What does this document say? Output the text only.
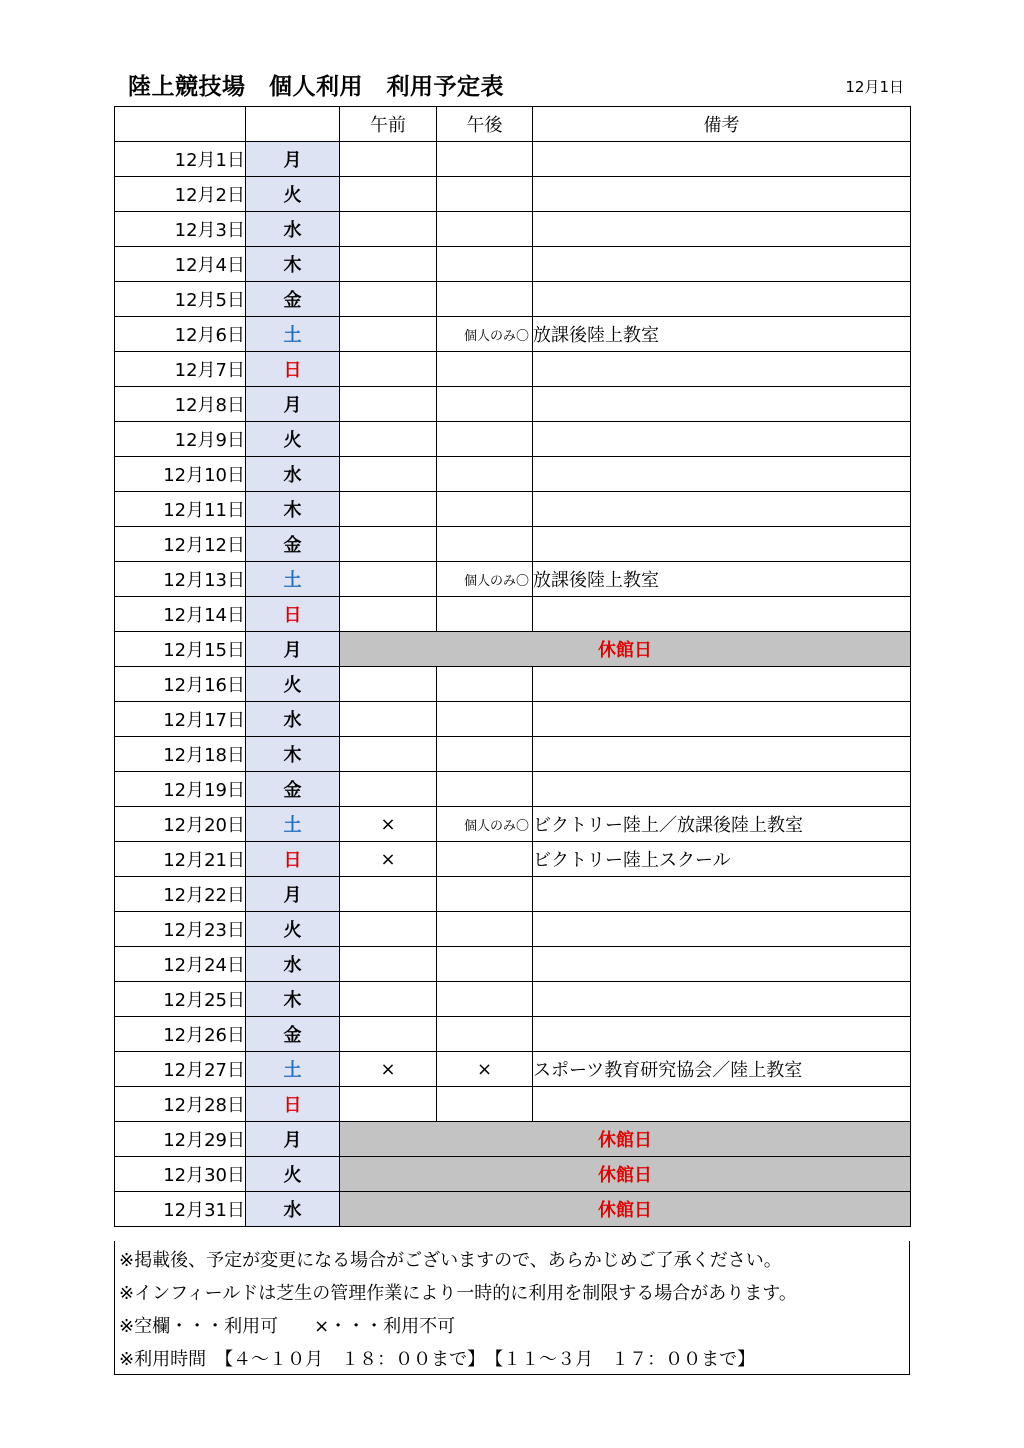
陸上競技場　個人利用　利用予定表	12月1日
		午前	午後	備考
12月1日	月			
12月2日	火			
12月3日	水			
12月4日	木			
12月5日	金			
12月6日	土		個人のみ〇	放課後陸上教室
12月7日	日			
12月8日	月			
12月9日	火			
12月10日	水			
12月11日	木			
12月12日	金			
12月13日	土		個人のみ〇	放課後陸上教室
12月14日	日			
12月15日	月	休館日		
12月16日	火			
12月17日	水			
12月18日	木			
12月19日	金			
12月20日	土	×	個人のみ〇	ビクトリー陸上／放課後陸上教室
12月21日	日	×		ビクトリー陸上スクール
12月22日	月			
12月23日	火			
12月24日	水			
12月25日	木			
12月26日	金			
12月27日	土	×	×	スポーツ教育研究協会／陸上教室
12月28日	日			
12月29日	月	休館日		
12月30日	火	休館日		
12月31日	水	休館日		
※掲載後、予定が変更になる場合がございますので、あらかじめご了承ください。
※インフィールドは芝生の管理作業により一時的に利用を制限する場合があります。
※空欄・・・利用可　　×・・・利用不可
※利用時間　【４～１０月　１８：００まで】　【１１～３月　１７：００まで】
